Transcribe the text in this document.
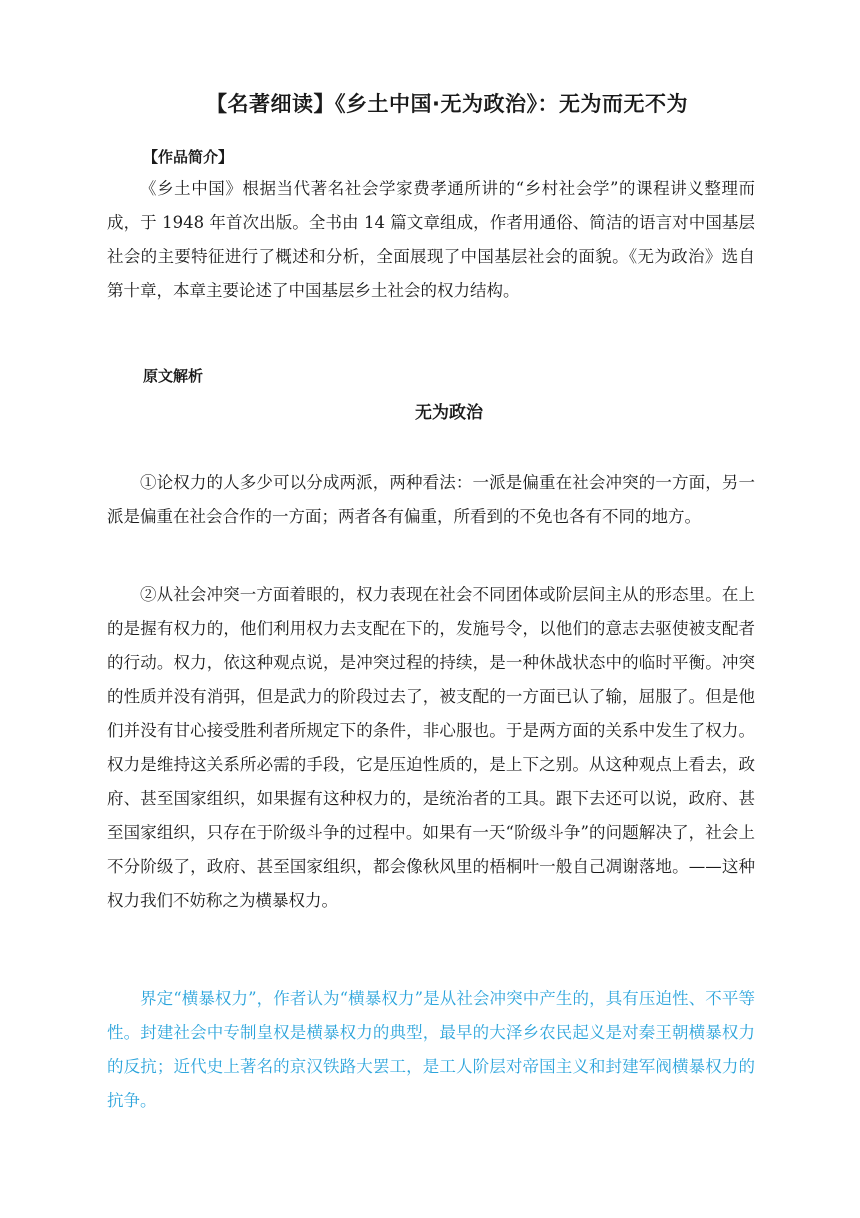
【名著细读】《乡土中国·无为政治》：无为而无不为
【作品简介】

《乡土中国》根据当代著名社会学家费孝通所讲的“乡村社会学”的课程讲义整理而成，于 1948 年首次出版。全书由 14 篇文章组成，作者用通俗、简洁的语言对中国基层社会的主要特征进行了概述和分析，全面展现了中国基层社会的面貌。《无为政治》选自第十章，本章主要论述了中国基层乡土社会的权力结构。

原文解析
无为政治

①论权力的人多少可以分成两派，两种看法：一派是偏重在社会冲突的一方面，另一派是偏重在社会合作的一方面；两者各有偏重，所看到的不免也各有不同的地方。

②从社会冲突一方面着眼的，权力表现在社会不同团体或阶层间主从的形态里。在上的是握有权力的，他们利用权力去支配在下的，发施号令，以他们的意志去驱使被支配者的行动。权力，依这种观点说，是冲突过程的持续，是一种休战状态中的临时平衡。冲突的性质并没有消弭，但是武力的阶段过去了，被支配的一方面已认了输，屈服了。但是他们并没有甘心接受胜利者所规定下的条件，非心服也。于是两方面的关系中发生了权力。权力是维持这关系所必需的手段，它是压迫性质的，是上下之别。从这种观点上看去，政府、甚至国家组织，如果握有这种权力的，是统治者的工具。跟下去还可以说，政府、甚至国家组织，只存在于阶级斗争的过程中。如果有一天“阶级斗争”的问题解决了，社会上不分阶级了，政府、甚至国家组织，都会像秋风里的梧桐叶一般自己凋谢落地。——这种权力我们不妨称之为横暴权力。

界定“横暴权力”，作者认为“横暴权力”是从社会冲突中产生的，具有压迫性、不平等性。封建社会中专制皇权是横暴权力的典型，最早的大泽乡农民起义是对秦王朝横暴权力的反抗；近代史上著名的京汉铁路大罢工，是工人阶层对帝国主义和封建军阀横暴权力的抗争。
